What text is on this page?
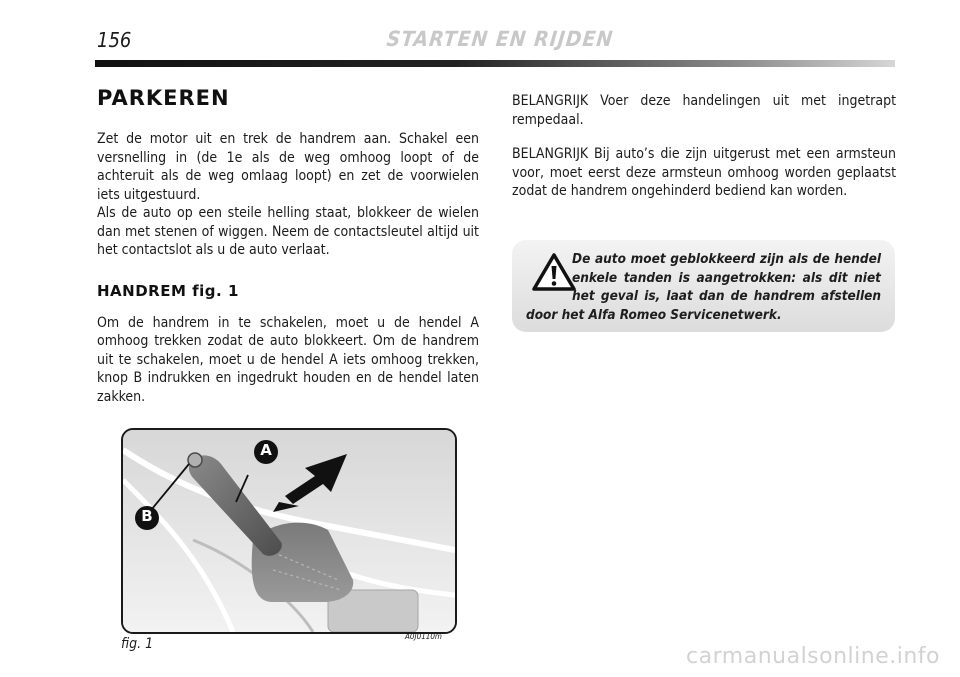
156	STARTEN EN RIJDEN
PARKEREN

Zet de motor uit en trek de handrem aan. Schakel een versnelling in (de 1e als de weg omhoog loopt of de achteruit als de weg omlaag loopt) en zet de voorwielen iets uitgestuurd.

Als de auto op een steile helling staat, blokkeer de wielen dan met stenen of wiggen. Neem de contactsleutel altijd uit het contactslot als u de auto verlaat.

HANDREM fig. 1

Om de handrem in te schakelen, moet u de hendel A omhoog trekken zodat de auto blokkeert. Om de handrem uit te schakelen, moet u de hendel A iets omhoog trekken, knop B indrukken en ingedrukt houden en de hendel laten zakken.

BELANGRIJK Voer deze handelingen uit met ingetrapt rempedaal.

BELANGRIJK Bij auto’s die zijn uitgerust met een armsteun voor, moet eerst deze armsteun omhoog worden geplaatst zodat de handrem ongehinderd bediend kan worden.

De auto moet geblokkeerd zijn als de hendel enkele tanden is aangetrokken: als dit niet het geval is, laat dan de handrem afstellen door het Alfa Romeo Servicenetwerk.
A
B
fig. 1	A0J0110m
carmanualsonline.info
